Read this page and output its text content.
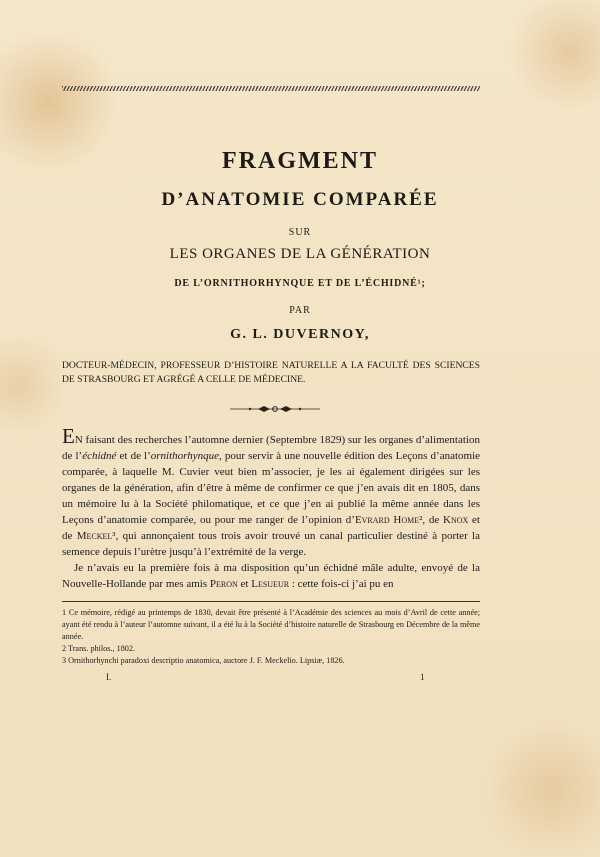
FRAGMENT
D’ANATOMIE COMPARÉE
SUR
LES ORGANES DE LA GÉNÉRATION
DE L’ORNITHORHYNQUE ET DE L’ÉCHIDNÉ¹;
PAR
G. L. DUVERNOY,
DOCTEUR-MÉDECIN, PROFESSEUR D’HISTOIRE NATURELLE A LA FACULTÉ DES SCIENCES DE STRASBOURG ET AGRÉGÉ A CELLE DE MÉDECINE.

EN faisant des recherches l’automne dernier (Septembre 1829) sur les organes d’alimentation de l’échidné et de l’ornithorhynque, pour servir à une nouvelle édition des Leçons d’anatomie comparée, à laquelle M. Cuvier veut bien m’associer, je les ai également dirigées sur les organes de la génération, afin d’être à même de confirmer ce que j’en avais dit en 1805, dans un mémoire lu à la Société philomatique, et ce que j’en ai publié la même année dans les Leçons d’anatomie comparée, ou pour me ranger de l’opinion d’Evrard Home², de Knox et de Meckel³, qui annonçaient tous trois avoir trouvé un canal particulier destiné à porter la semence depuis l’urètre jusqu’à l’extrémité de la verge.

Je n’avais eu la première fois à ma disposition qu’un échidné mâle adulte, envoyé de la Nouvelle-Hollande par mes amis Peron et Lesueur : cette fois-ci j’ai pu en

1 Ce mémoire, rédigé au printemps de 1830, devait être présenté à l’Académie des sciences au mois d’Avril de cette année; ayant été rendu à l’auteur l’automne suivant, il a été lu à la Société d’histoire naturelle de Strasbourg en Décembre de la même année.

2 Trans. philos., 1802.

3 Ornithorhynchi paradoxi descriptio anatomica, auctore J. F. Meckelio. Lipsiæ, 1826.

I.	1
